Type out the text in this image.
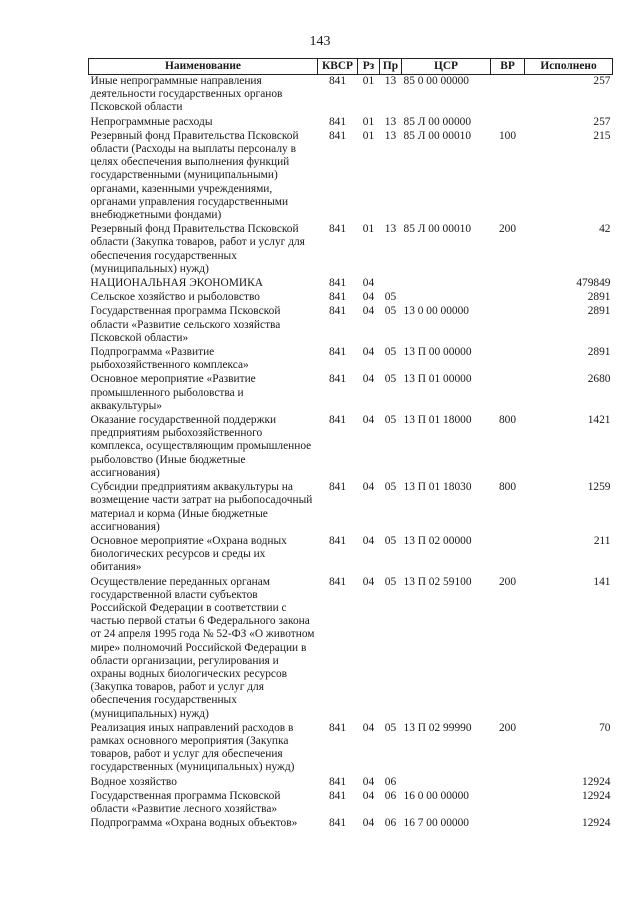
143
Наименование	КВСР	Рз	Пр	ЦСР	ВР	Исполнено
Иные непрограммные направления деятельности государственных органов Псковской области	841	01	13	85 0 00 00000		257
Непрограммные расходы	841	01	13	85 Л 00 00000		257
Резервный фонд Правительства Псковской области (Расходы на выплаты персоналу в целях обеспечения выполнения функций государственными (муниципальными) органами, казенными учреждениями, органами управления государственными внебюджетными фондами)	841	01	13	85 Л 00 00010	100	215
Резервный фонд Правительства Псковской области (Закупка товаров, работ и услуг для обеспечения государственных (муниципальных) нужд)	841	01	13	85 Л 00 00010	200	42
НАЦИОНАЛЬНАЯ ЭКОНОМИКА	841	04				479849
Сельское хозяйство и рыболовство	841	04	05			2891
Государственная программа Псковской области «Развитие сельского хозяйства Псковской области»	841	04	05	13 0 00 00000		2891
Подпрограмма «Развитие рыбохозяйственного комплекса»	841	04	05	13 П 00 00000		2891
Основное мероприятие «Развитие промышленного рыболовства и аквакультуры»	841	04	05	13 П 01 00000		2680
Оказание государственной поддержки предприятиям рыбохозяйственного комплекса, осуществляющим промышленное рыболовство (Иные бюджетные ассигнования)	841	04	05	13 П 01 18000	800	1421
Субсидии предприятиям аквакультуры на возмещение части затрат на рыбопосадочный материал и корма (Иные бюджетные ассигнования)	841	04	05	13 П 01 18030	800	1259
Основное мероприятие «Охрана водных биологических ресурсов и среды их обитания»	841	04	05	13 П 02 00000		211
Осуществление переданных органам государственной власти субъектов Российской Федерации в соответствии с частью первой статьи 6 Федерального закона от 24 апреля 1995 года № 52-ФЗ «О животном мире» полномочий Российской Федерации в области организации, регулирования и охраны водных биологических ресурсов (Закупка товаров, работ и услуг для обеспечения государственных (муниципальных) нужд)	841	04	05	13 П 02 59100	200	141
Реализация иных направлений расходов в рамках основного мероприятия (Закупка товаров, работ и услуг для обеспечения государственных (муниципальных) нужд)	841	04	05	13 П 02 99990	200	70
Водное хозяйство	841	04	06			12924
Государственная программа Псковской области «Развитие лесного хозяйства»	841	04	06	16 0 00 00000		12924
Подпрограмма «Охрана водных объектов»	841	04	06	16 7 00 00000		12924
